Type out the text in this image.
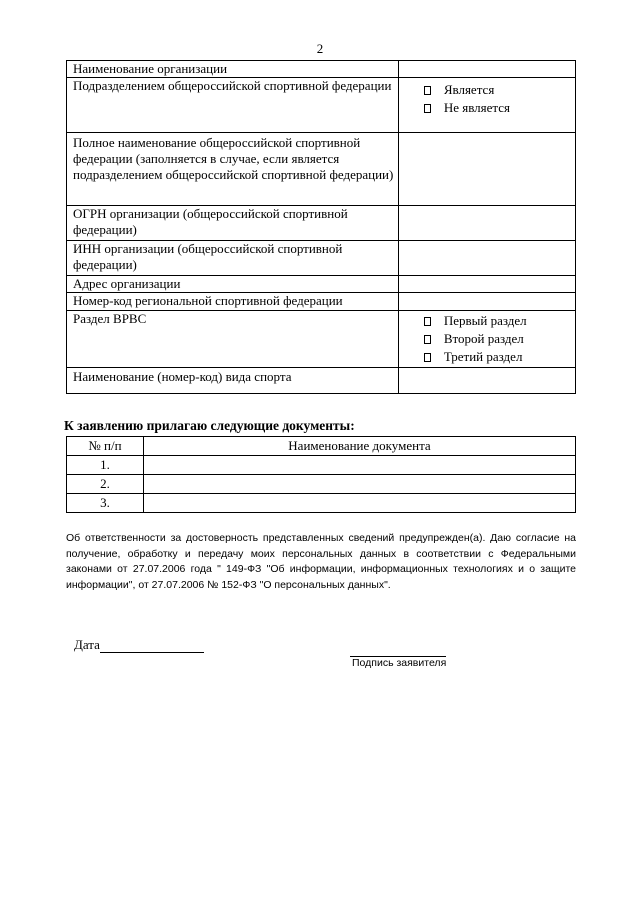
2
Наименование организации	
Подразделением общероссийской спортивной федерации	Является
Не является

Полное наименование общероссийской спортивной федерации (заполняется в случае, если является подразделением общероссийской спортивной федерации)	
ОГРН организации (общероссийской спортивной федерации)	
ИНН организации (общероссийской спортивной федерации)	
Адрес организации	
Номер-код региональной спортивной федерации	
Раздел ВРВС	Первый раздел
Второй раздел
Третий раздел

Наименование (номер-код) вида спорта	
К заявлению прилагаю следующие документы:
№ п/п	Наименование документа
1.	
2.	
3.	
Об ответственности за достоверность представленных сведений предупрежден(а). Даю согласие на получение, обработку и передачу моих персональных данных в соответствии с Федеральными законами от 27.07.2006 года " 149-ФЗ "Об информации, информационных технологиях и о защите информации", от 27.07.2006 № 152-ФЗ "О персональных данных".
Дата
Подпись заявителя
